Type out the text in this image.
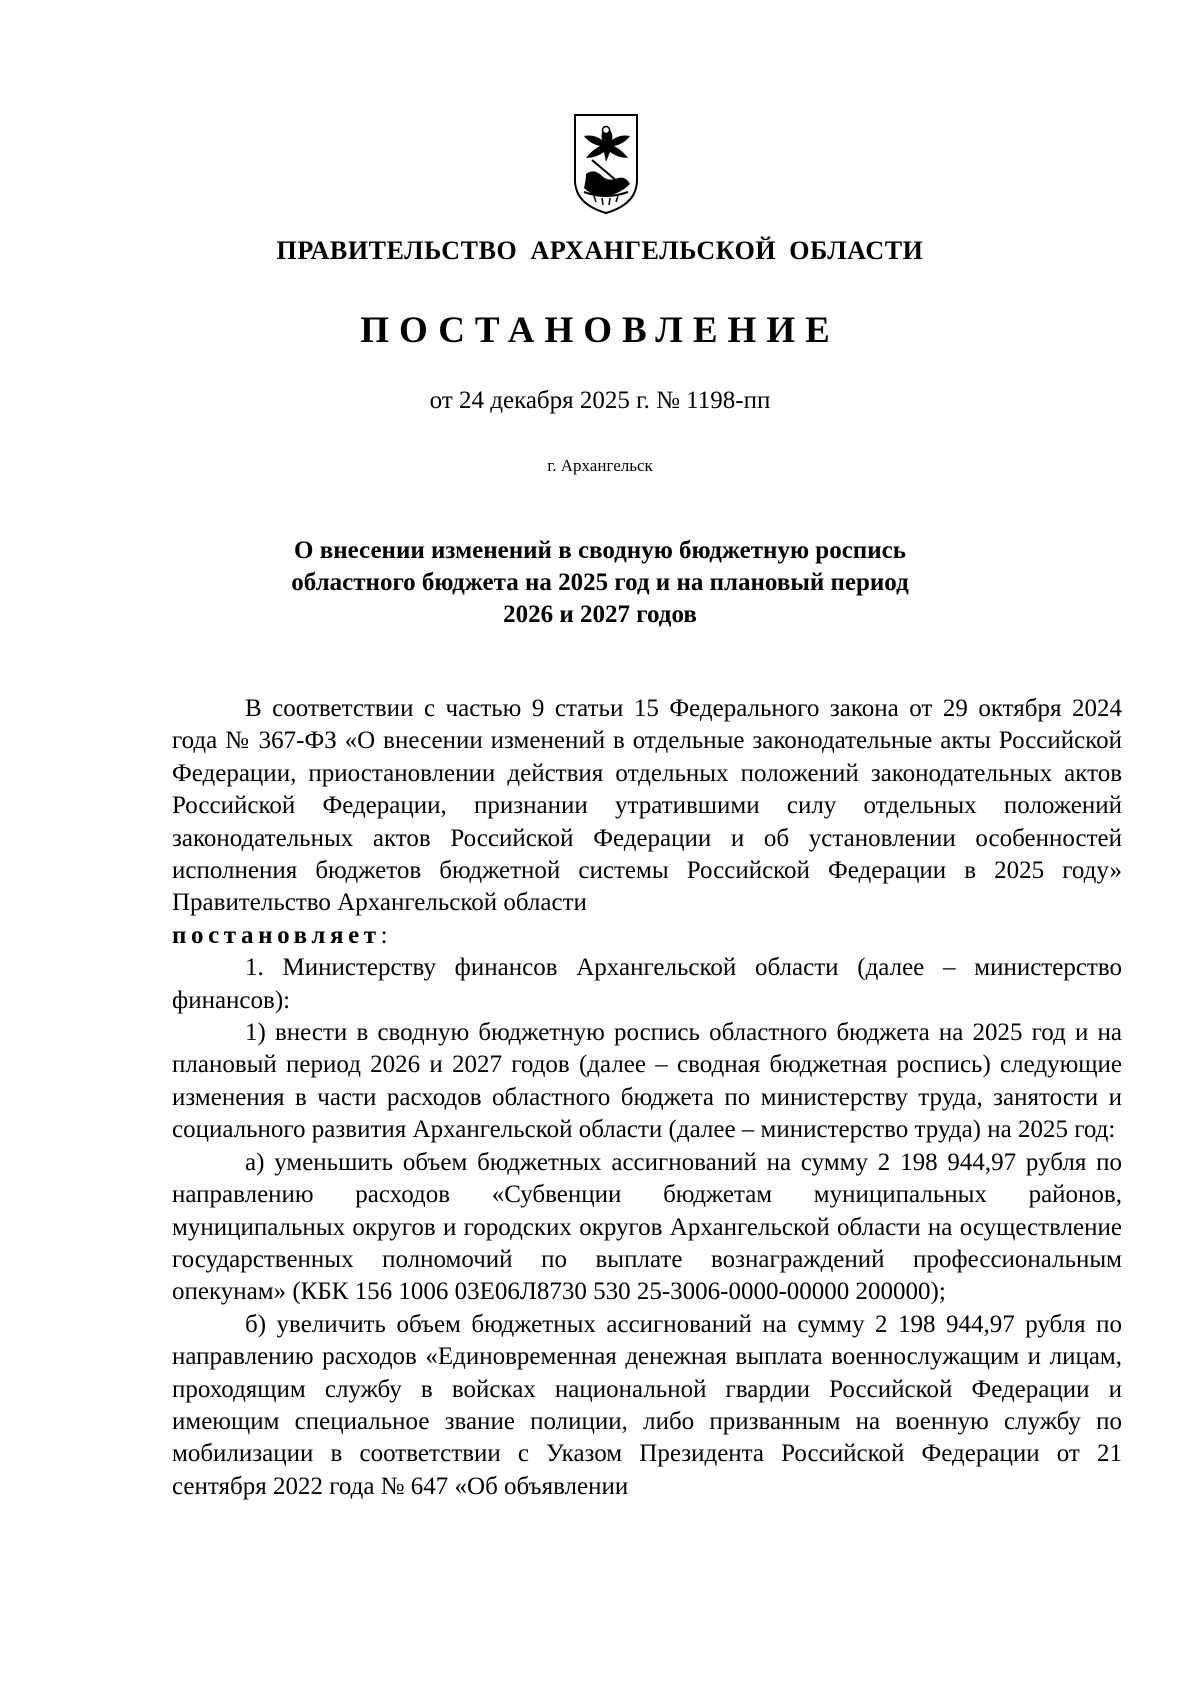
ПРАВИТЕЛЬСТВО АРХАНГЕЛЬСКОЙ ОБЛАСТИ
ПОСТАНОВЛЕНИЕ
от 24 декабря 2025 г. № 1198-пп
г. Архангельск
О внесении изменений в сводную бюджетную роспись
областного бюджета на 2025 год и на плановый период
2026 и 2027 годов

В соответствии с частью 9 статьи 15 Федерального закона от 29 октября 2024 года № 367-ФЗ «О внесении изменений в отдельные законодательные акты Российской Федерации, приостановлении действия отдельных положений законодательных актов Российской Федерации, признании утратившими силу отдельных положений законодательных актов Российской Федерации и об установлении особенностей исполнения бюджетов бюджетной системы Российской Федерации в 2025 году» Правительство Архангельской области

постановляет:

1. Министерству финансов Архангельской области (далее – министерство финансов):

1) внести в сводную бюджетную роспись областного бюджета на 2025 год и на плановый период 2026 и 2027 годов (далее – сводная бюджетная роспись) следующие изменения в части расходов областного бюджета по министерству труда, занятости и социального развития Архангельской области (далее – министерство труда) на 2025 год:

а) уменьшить объем бюджетных ассигнований на сумму 2 198 944,97 рубля по направлению расходов «Субвенции бюджетам муниципальных районов, муниципальных округов и городских округов Архангельской области на осуществление государственных полномочий по выплате вознаграждений профессиональным опекунам» (КБК 156 1006 03Е06Л8730 530 25-3006-0000-00000 200000);

б) увеличить объем бюджетных ассигнований на сумму 2 198 944,97 рубля по направлению расходов «Единовременная денежная выплата военнослужащим и лицам, проходящим службу в войсках национальной гвардии Российской Федерации и имеющим специальное звание полиции, либо призванным на военную службу по мобилизации в соответствии с Указом Президента Российской Федерации от 21 сентября 2022 года № 647 «Об объявлении
